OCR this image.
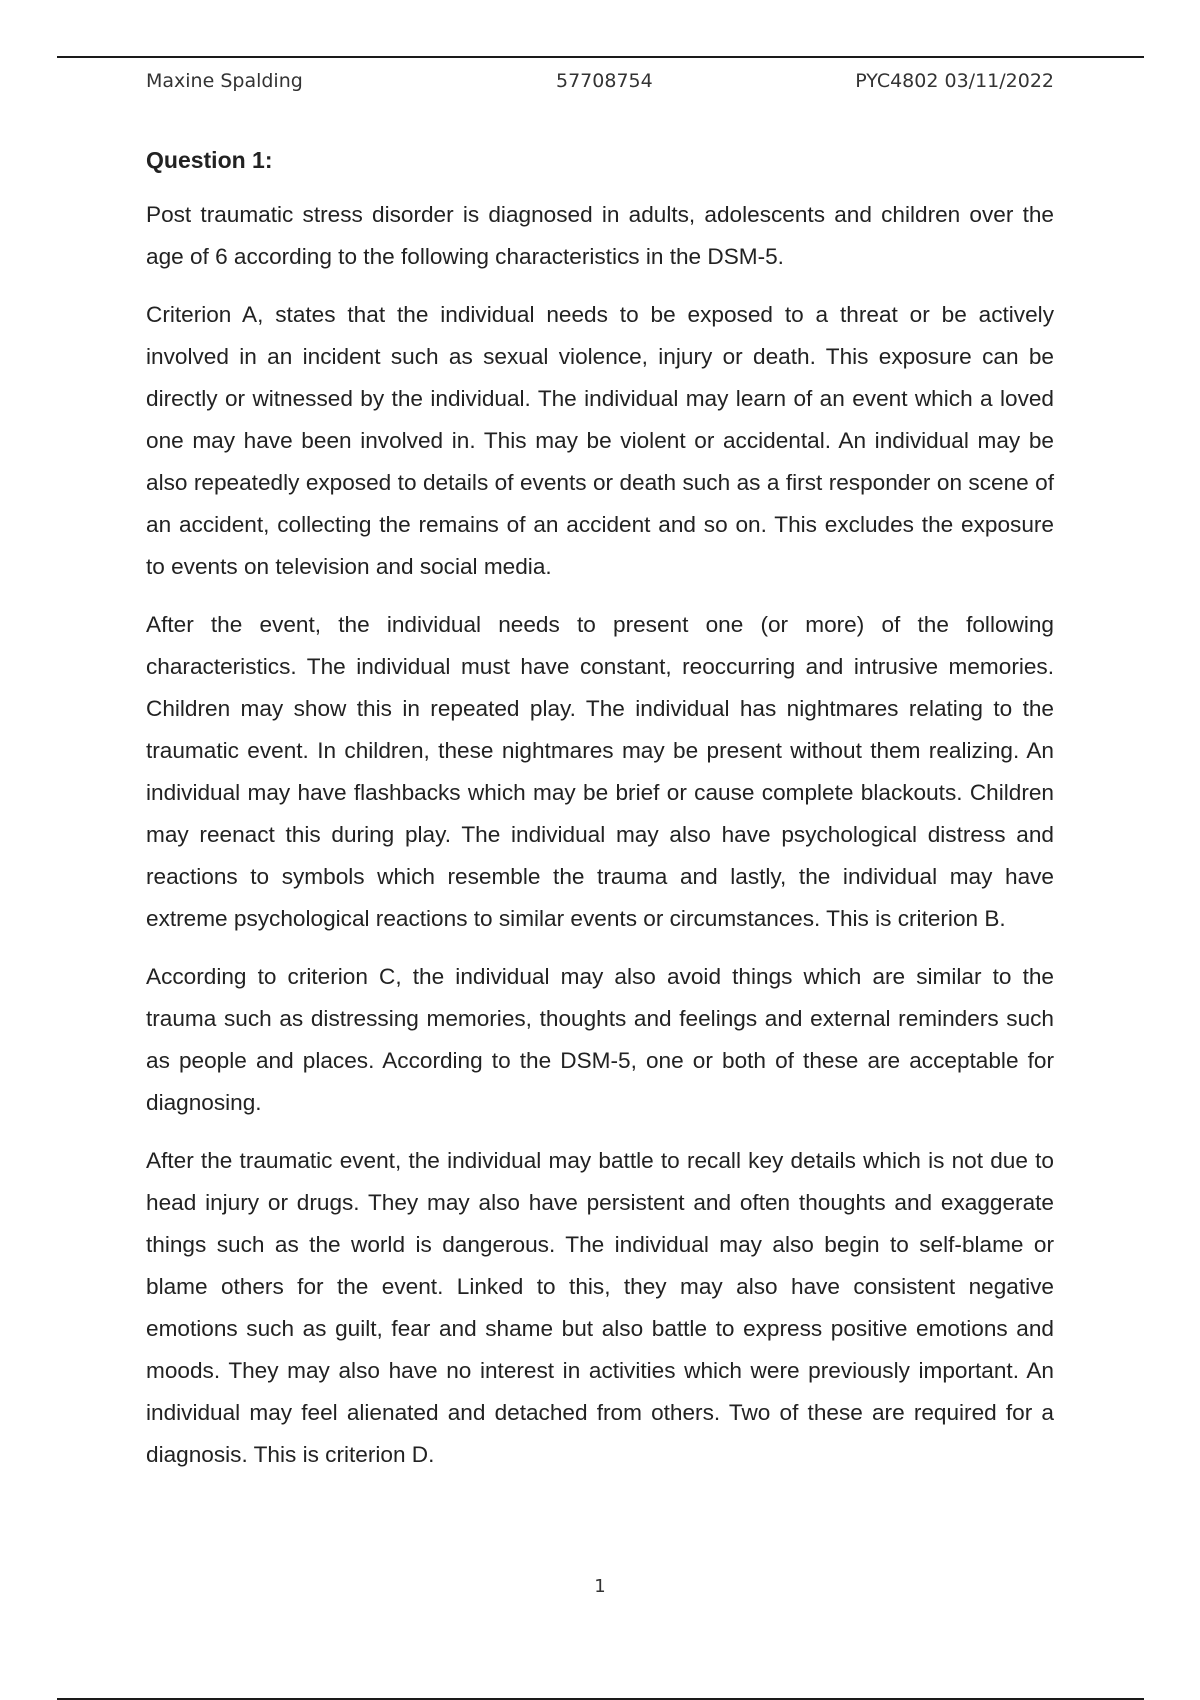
Maxine Spalding	57708754	PYC4802 03/11/2022
Question 1:

Post traumatic stress disorder is diagnosed in adults, adolescents and children over the age of 6 according to the following characteristics in the DSM-5.

Criterion A, states that the individual needs to be exposed to a threat or be actively involved in an incident such as sexual violence, injury or death. This exposure can be directly or witnessed by the individual. The individual may learn of an event which a loved one may have been involved in. This may be violent or accidental. An individual may be also repeatedly exposed to details of events or death such as a first responder on scene of an accident, collecting the remains of an accident and so on. This excludes the exposure to events on television and social media.

After the event, the individual needs to present one (or more) of the following characteristics. The individual must have constant, reoccurring and intrusive memories. Children may show this in repeated play. The individual has nightmares relating to the traumatic event. In children, these nightmares may be present without them realizing. An individual may have flashbacks which may be brief or cause complete blackouts. Children may reenact this during play. The individual may also have psychological distress and reactions to symbols which resemble the trauma and lastly, the individual may have extreme psychological reactions to similar events or circumstances. This is criterion B.

According to criterion C, the individual may also avoid things which are similar to the trauma such as distressing memories, thoughts and feelings and external reminders such as people and places. According to the DSM-5, one or both of these are acceptable for diagnosing.

After the traumatic event, the individual may battle to recall key details which is not due to head injury or drugs. They may also have persistent and often thoughts and exaggerate things such as the world is dangerous. The individual may also begin to self-blame or blame others for the event. Linked to this, they may also have consistent negative emotions such as guilt, fear and shame but also battle to express positive emotions and moods. They may also have no interest in activities which were previously important. An individual may feel alienated and detached from others. Two of these are required for a diagnosis. This is criterion D.

1
